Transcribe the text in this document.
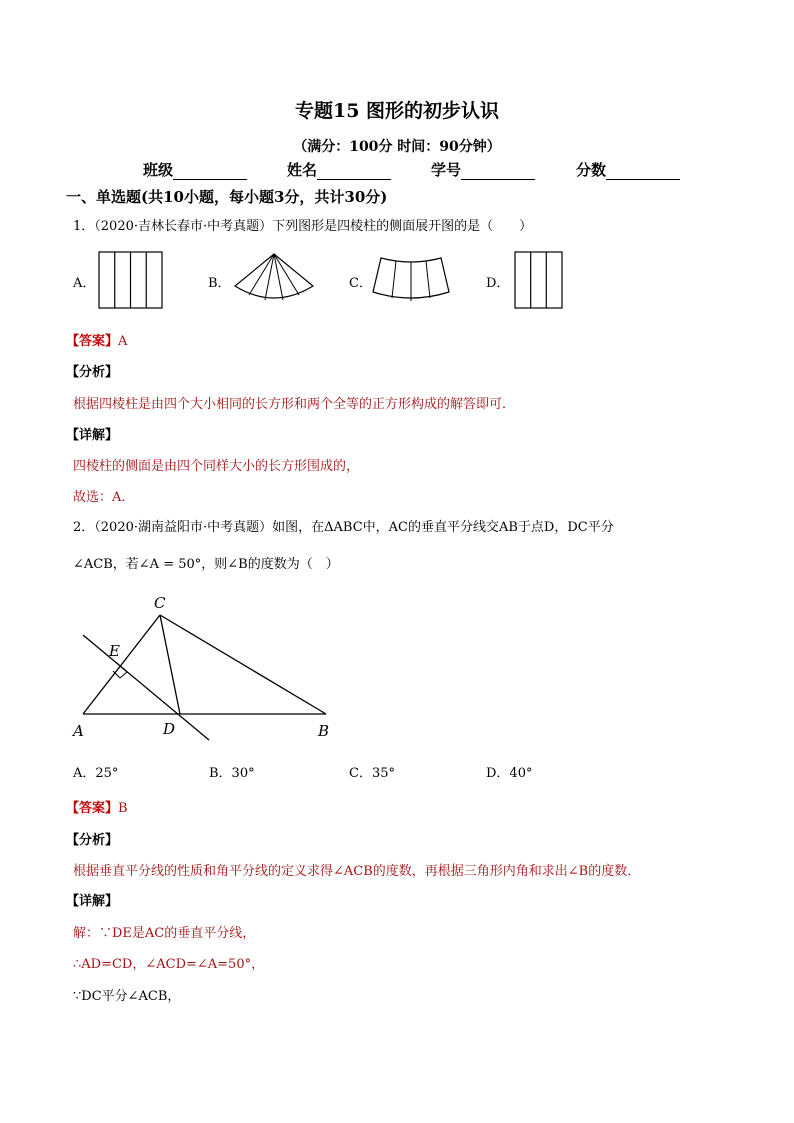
专题15 图形的初步认识
（满分：100分 时间：90分钟）
班级	姓名	学号	分数
一、单选题(共10小题，每小题3分，共计30分)
1．（2020·吉林长春市·中考真题）下列图形是四棱柱的侧面展开图的是（　　）
A．	B．	C．	D．
【答案】A
【分析】
根据四棱柱是由四个大小相同的长方形和两个全等的正方形构成的解答即可．
【详解】
四棱柱的侧面是由四个同样大小的长方形围成的，
故选：A．
2．（2020·湖南益阳市·中考真题）如图，在ΔABC中，AC的垂直平分线交AB于点D，DC平分
∠ACB，若∠A = 50°，则∠B的度数为（　）
C
E
A	D	B
A．25°	B．30°	C．35°	D．40°
【答案】B
【分析】
根据垂直平分线的性质和角平分线的定义求得∠ACB的度数，再根据三角形内角和求出∠B的度数．
【详解】
解：∵DE是AC的垂直平分线，
∴AD=CD，∠ACD=∠A=50°，
∵DC平分∠ACB，
